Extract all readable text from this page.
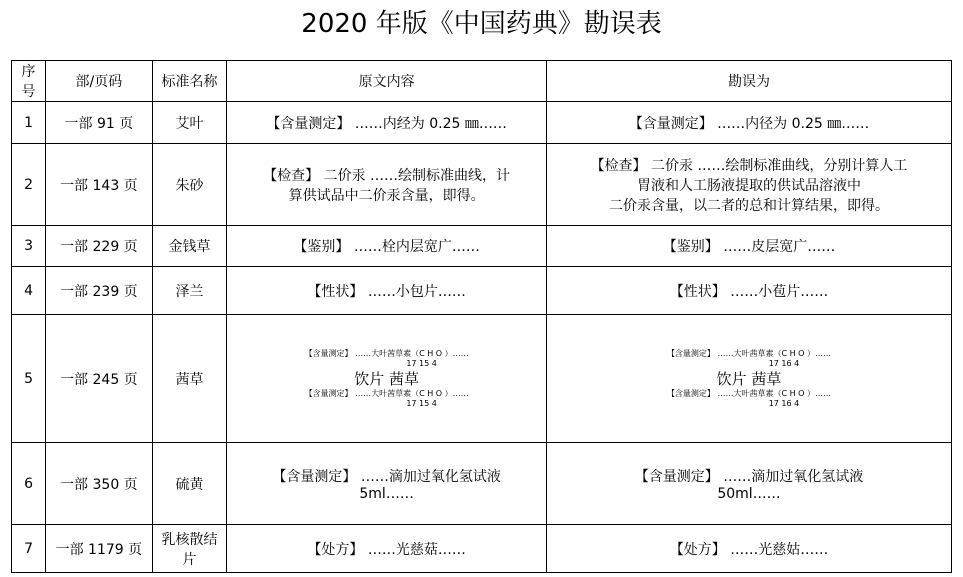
2020 年版《中国药典》勘误表
序号	部/页码	标准名称	原文内容	勘误为
1	一部 91 页	艾叶	【含量测定】 ……内经为 0.25 ㎜……	【含量测定】 ……内径为 0.25 ㎜……

2	一部 143 页	朱砂	【检查】 二价汞 ……绘制标准曲线，计
算供试品中二价汞含量，即得。	【检查】 二价汞 ……绘制标准曲线，分别计算人工
胃液和人工肠液提取的供试品溶液中
二价汞含量，以二者的总和计算结果，即得。

3	一部 229 页	金钱草	【鉴别】 ……栓内层宽广……	【鉴别】 ……皮层宽广……

4	一部 239 页	泽兰	【性状】 ……小包片……	【性状】 ……小苞片……

5	一部 245 页	茜草	【含量测定】 ……大叶茜草素（C H O ）……
17 15 4
饮片 茜草
【含量测定】 ……大叶茜草素（C H O ）……
17 15 4	【含量测定】 ……大叶茜草素（C H O ）……
17 16 4
饮片 茜草
【含量测定】 ……大叶茜草素（C H O ）……
17 16 4

6	一部 350 页	硫黄	【含量测定】 ……滴加过氧化氢试液
5ml……	【含量测定】 ……滴加过氧化氢试液
50ml……

7	一部 1179 页	乳核散结片	【处方】 ……光慈菇……	【处方】 ……光慈姑……
